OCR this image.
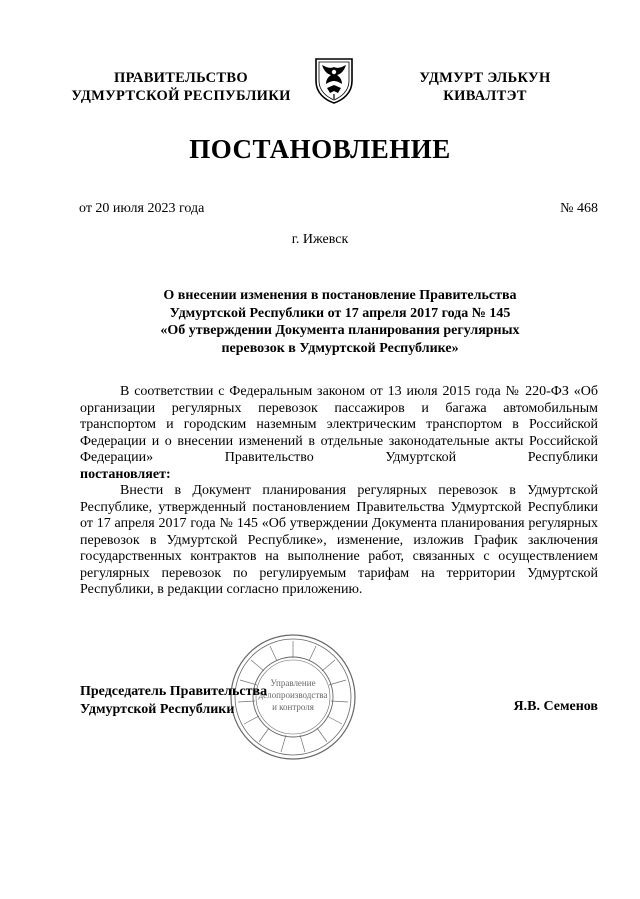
ПРАВИТЕЛЬСТВО
УДМУРТСКОЙ РЕСПУБЛИКИ
УДМУРТ ЭЛЬКУН
КИВАЛТЭТ
ПОСТАНОВЛЕНИЕ
от 20 июля 2023 года	№ 468
г. Ижевск
О внесении изменения в постановление Правительства
Удмуртской Республики от 17 апреля 2017 года № 145
«Об утверждении Документа планирования регулярных
перевозок в Удмуртской Республике»

В соответствии с Федеральным законом от 13 июля 2015 года № 220-ФЗ «Об организации регулярных перевозок пассажиров и багажа автомобильным транспортом и городским наземным электрическим транспортом в Российской Федерации и о внесении изменений в отдельные законодательные акты Российской Федерации» Правительство Удмуртской Республики

постановляет:

Внести в Документ планирования регулярных перевозок в Удмуртской Республике, утвержденный постановлением Правительства Удмуртской Республики от 17 апреля 2017 года № 145 «Об утверждении Документа планирования регулярных перевозок в Удмуртской Республике», изменение, изложив График заключения государственных контрактов на выполнение работ, связанных с осуществлением регулярных перевозок по регулируемым тарифам на территории Удмуртской Республики, в редакции согласно приложению.

Управление
делопроизводства
и контроля
Председатель Правительства
Удмуртской Республики	Я.В. Семенов
